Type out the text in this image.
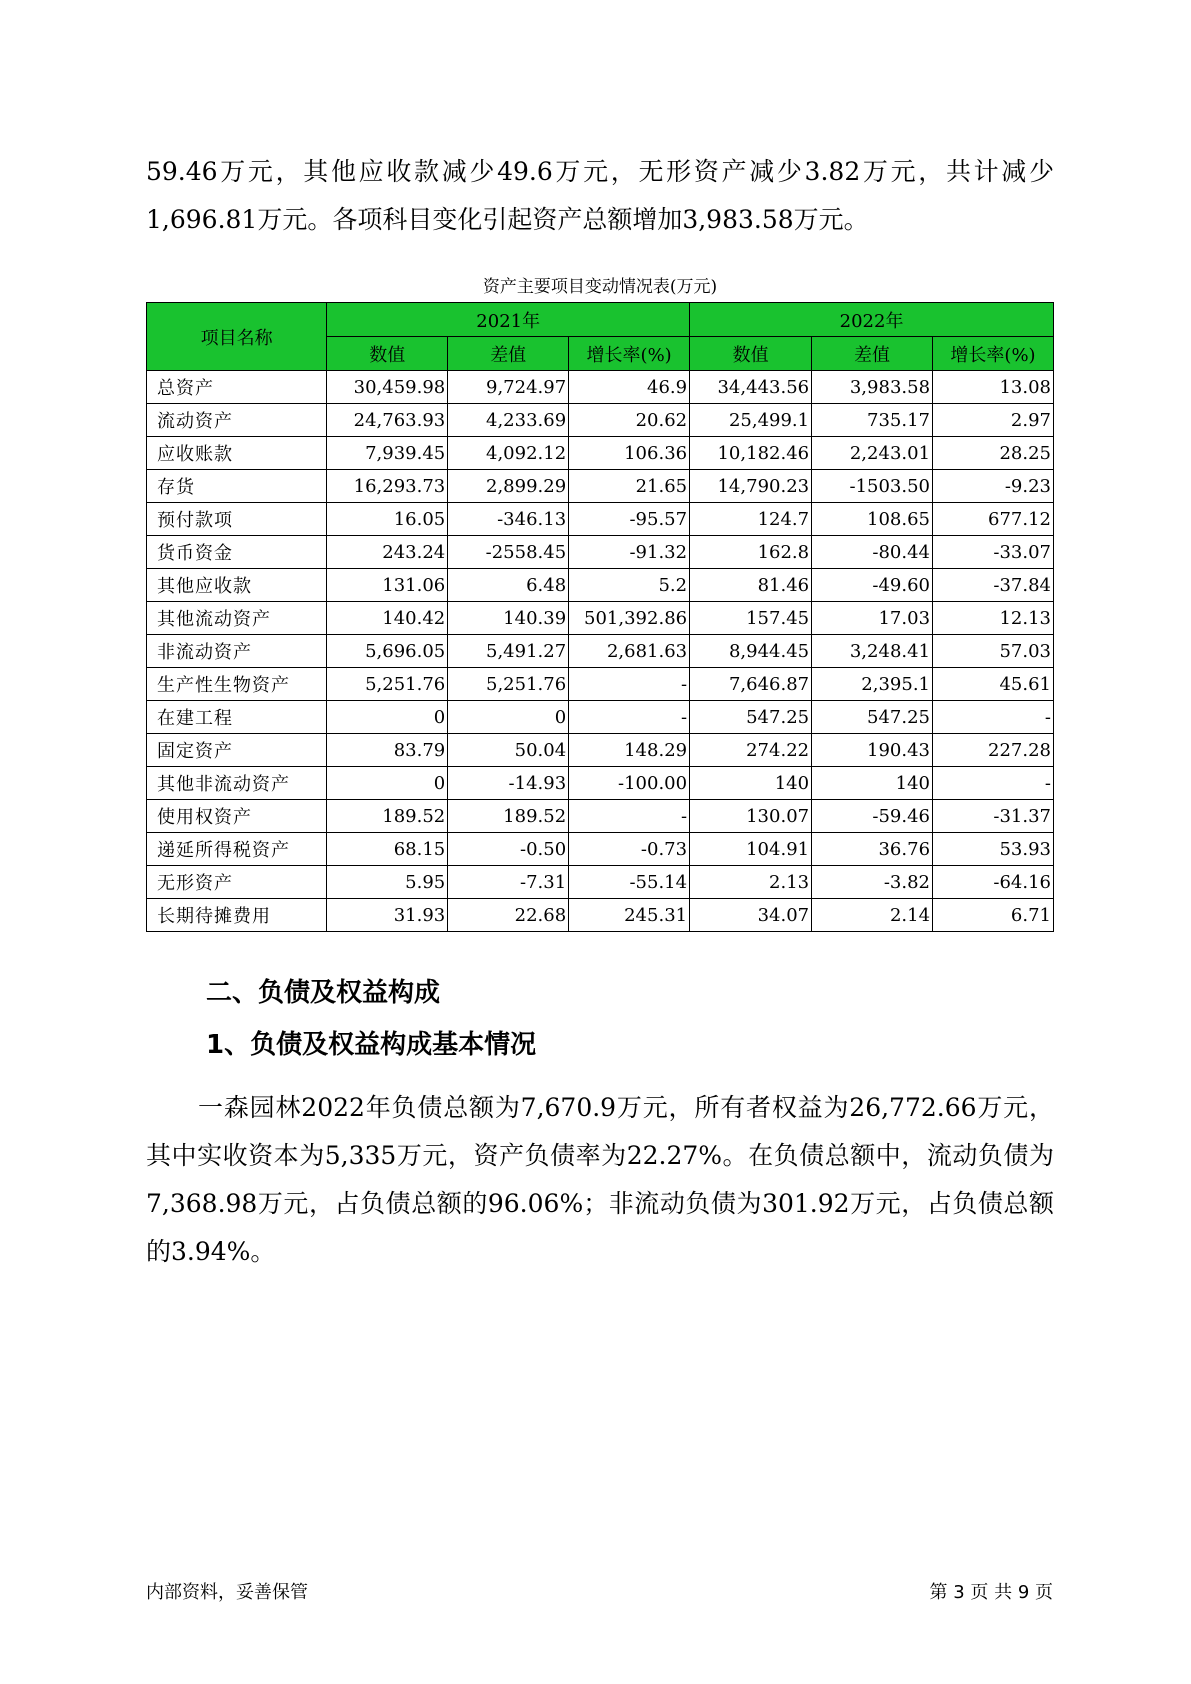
59.46万元，其他应收款减少49.6万元，无形资产减少3.82万元，共计减少1,696.81万元。各项科目变化引起资产总额增加3,983.58万元。

资产主要项目变动情况表(万元)

项目名称	2021年			2022年		
	数值	差值	增长率(%)	数值	差值	增长率(%)
总资产	30,459.98	9,724.97	46.9	34,443.56	3,983.58	13.08
流动资产	24,763.93	4,233.69	20.62	25,499.1	735.17	2.97
应收账款	7,939.45	4,092.12	106.36	10,182.46	2,243.01	28.25
存货	16,293.73	2,899.29	21.65	14,790.23	-1503.50	-9.23
预付款项	16.05	-346.13	-95.57	124.7	108.65	677.12
货币资金	243.24	-2558.45	-91.32	162.8	-80.44	-33.07
其他应收款	131.06	6.48	5.2	81.46	-49.60	-37.84
其他流动资产	140.42	140.39	501,392.86	157.45	17.03	12.13
非流动资产	5,696.05	5,491.27	2,681.63	8,944.45	3,248.41	57.03
生产性生物资产	5,251.76	5,251.76	-	7,646.87	2,395.1	45.61
在建工程	0	0	-	547.25	547.25	-
固定资产	83.79	50.04	148.29	274.22	190.43	227.28
其他非流动资产	0	-14.93	-100.00	140	140	-
使用权资产	189.52	189.52	-	130.07	-59.46	-31.37
递延所得税资产	68.15	-0.50	-0.73	104.91	36.76	53.93
无形资产	5.95	-7.31	-55.14	2.13	-3.82	-64.16
长期待摊费用	31.93	22.68	245.31	34.07	2.14	6.71
二、负债及权益构成
1、负债及权益构成基本情况

一森园林2022年负债总额为7,670.9万元，所有者权益为26,772.66万元，其中实收资本为5,335万元，资产负债率为22.27%。在负债总额中，流动负债为7,368.98万元，占负债总额的96.06%；非流动负债为301.92万元，占负债总额的3.94%。

内部资料，妥善保管	第 3 页 共 9 页
